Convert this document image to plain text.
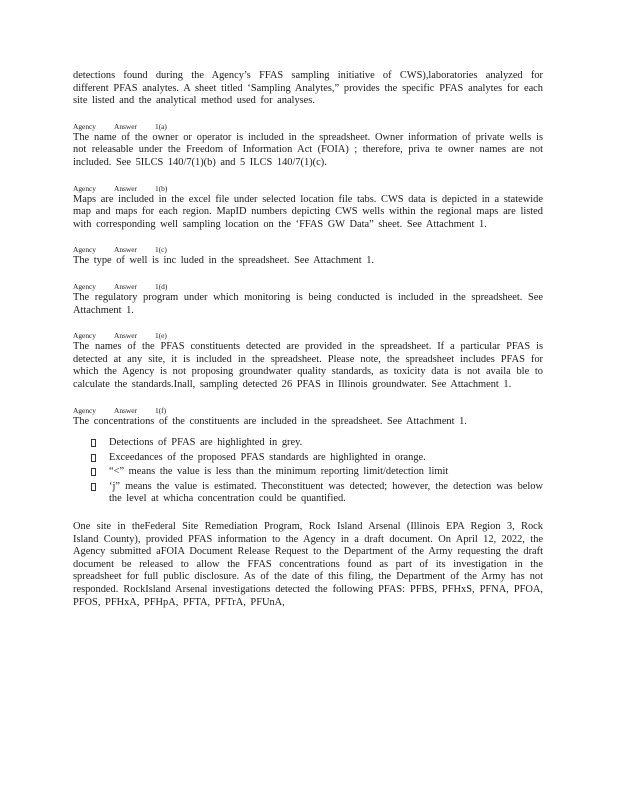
detections found during the Agency’s FFAS sampling initiative of CWS),laboratories analyzed for different PFAS analytes. A sheet titled ‘Sampling Analytes,” provides the specific PFAS analytes for each site listed and the analytical method used for analyses.

Agency Answer 1(a)

The name of the owner or operator is included in the spreadsheet. Owner information of private wells is not releasable under the Freedom of Information Act (FOIA) ; therefore, priva te owner names are not included. See 5ILCS 140/7(1)(b) and 5 ILCS 140/7(1)(c).

Agency Answer 1(b)

Maps are included in the excel file under selected location file tabs. CWS data is depicted in a statewide map and maps for each region. MapID numbers depicting CWS wells within the regional maps are listed with corresponding well sampling location on the ‘FFAS GW Data” sheet. See Attachment 1.

Agency Answer 1(c)

The type of well is inc luded in the spreadsheet. See Attachment 1.

Agency Answer 1(d)

The regulatory program under which monitoring is being conducted is included in the spreadsheet. See Attachment 1.

Agency Answer 1(e)

The names of the PFAS constituents detected are provided in the spreadsheet. If a particular PFAS is detected at any site, it is included in the spreadsheet. Please note, the spreadsheet includes PFAS for which the Agency is not proposing groundwater quality standards, as toxicity data is not availa ble to calculate the standards.Inall, sampling detected 26 PFAS in Illinois groundwater. See Attachment 1.

Agency Answer 1(f)

The concentrations of the constituents are included in the spreadsheet. See Attachment 1.

Detections of PFAS are highlighted in grey.
Exceedances of the proposed PFAS standards are highlighted in orange.
“<” means the value is less than the minimum reporting limit/detection limit
‘j” means the value is estimated. Theconstituent was detected; however, the detection was below the level at whicha concentration could be quantified.

One site in theFederal Site Remediation Program, Rock Island Arsenal (Illinois EPA Region 3, Rock Island County), provided PFAS information to the Agency in a draft document. On April 12, 2022, the Agency submitted aFOIA Document Release Request to the Department of the Army requesting the draft document be released to allow the FFAS concentrations found as part of its investigation in the spreadsheet for full public disclosure. As of the date of this filing, the Department of the Army has not responded. RockIsland Arsenal investigations detected the following PFAS: PFBS, PFHxS, PFNA, PFOA, PFOS, PFHxA, PFHpA, PFTA, PFTrA, PFUnA,
